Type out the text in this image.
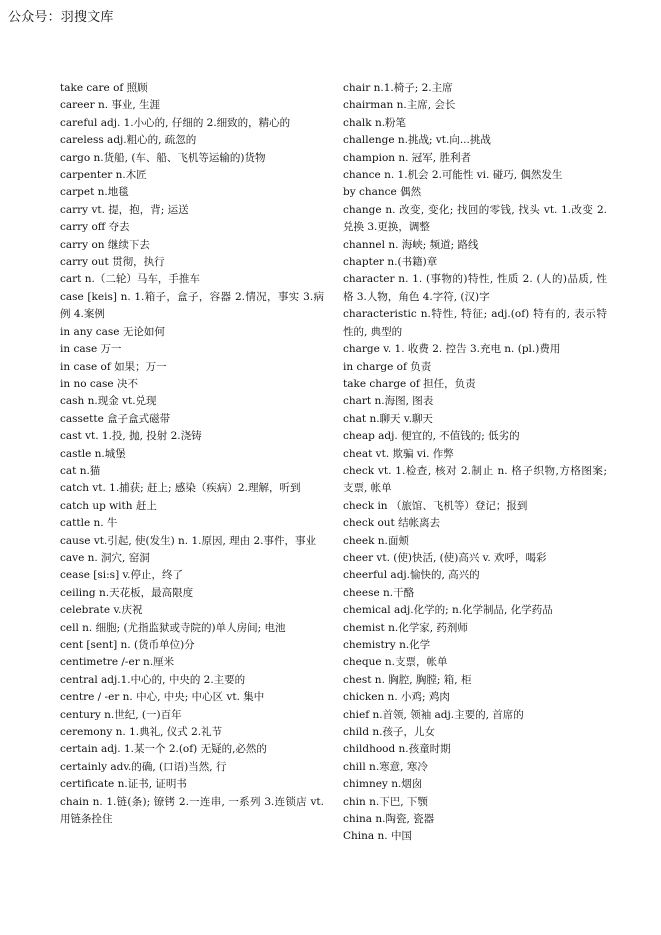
公众号：羽搜文库

take care of 照顾

career n. 事业, 生涯

careful adj. 1.小心的, 仔细的 2.细致的，精心的

careless adj.粗心的, 疏忽的

cargo n.货船, (车、船、飞机等运输的)货物

carpenter n.木匠

carpet n.地毯

carry vt. 提，抱，背; 运送

carry off 夺去

carry on 继续下去

carry out 贯彻，执行

cart n.（二轮）马车，手推车

case [keis] n. 1.箱子，盒子，容器 2.情况，事实 3.病例 4.案例

in any case 无论如何

in case 万一

in case of 如果；万一

in no case 决不

cash n.现金 vt.兑现

cassette 盒子盒式磁带

cast vt. 1.投, 抛, 投射 2.浇铸

castle n.城堡

cat n.猫

catch vt. 1.捕获; 赶上; 感染（疾病）2.理解，听到

catch up with 赶上

cattle n. 牛

cause vt.引起, 使(发生) n. 1.原因, 理由 2.事件，事业

cave n. 洞穴, 窑洞

cease [si:s] v.停止，终了

ceiling n.天花板，最高限度

celebrate v.庆祝

cell n. 细胞; (尤指监狱或寺院的)单人房间; 电池

cent [sent] n. (货币单位)分

centimetre /-er n.厘米

central adj.1.中心的, 中央的 2.主要的

centre / -er n. 中心, 中央; 中心区 vt. 集中

century n.世纪, (一)百年

ceremony n. 1.典礼, 仪式 2.礼节

certain adj. 1.某一个 2.(of) 无疑的,必然的

certainly adv.的确, (口语)当然, 行

certificate n.证书, 证明书

chain n. 1.链(条); 镣铐 2.一连串, 一系列 3.连锁店 vt.用链条拴住

chair n.1.椅子; 2.主席

chairman n.主席, 会长

chalk n.粉笔

challenge n.挑战; vt.向...挑战

champion n. 冠军, 胜利者

chance n. 1.机会 2.可能性 vi. 碰巧, 偶然发生

by chance 偶然

change n. 改变, 变化; 找回的零钱, 找头 vt. 1.改变 2.兑换 3.更换，调整

channel n. 海峡; 频道; 路线

chapter n.(书籍)章

character n. 1. (事物的)特性, 性质 2. (人的)品质, 性格 3.人物，角色 4.字符, (汉)字

characteristic n.特性, 特征; adj.(of) 特有的, 表示特性的, 典型的

charge v. 1. 收费 2. 控告 3.充电 n. (pl.)费用

in charge of 负责

take charge of 担任，负责

chart n.海图, 图表

chat n.聊天 v.聊天

cheap adj. 便宜的, 不值钱的; 低劣的

cheat vt. 欺骗 vi. 作弊

check vt. 1.检查, 核对 2.制止 n. 格子织物,方格图案; 支票, 帐单

check in （旅馆、飞机等）登记；报到

check out 结帐离去

cheek n.面颊

cheer vt. (使)快活, (使)高兴 v. 欢呼，喝彩

cheerful adj.愉快的, 高兴的

cheese n.干酪

chemical adj.化学的; n.化学制品, 化学药品

chemist n.化学家, 药剂师

chemistry n.化学

cheque n.支票，帐单

chest n. 胸腔, 胸膛; 箱, 柜

chicken n. 小鸡; 鸡肉

chief n.首领, 领袖 adj.主要的, 首席的

child n.孩子，儿女

childhood n.孩童时期

chill n.寒意, 寒冷

chimney n.烟囱

chin n.下巴, 下颚

china n.陶瓷, 瓷器

China n. 中国
